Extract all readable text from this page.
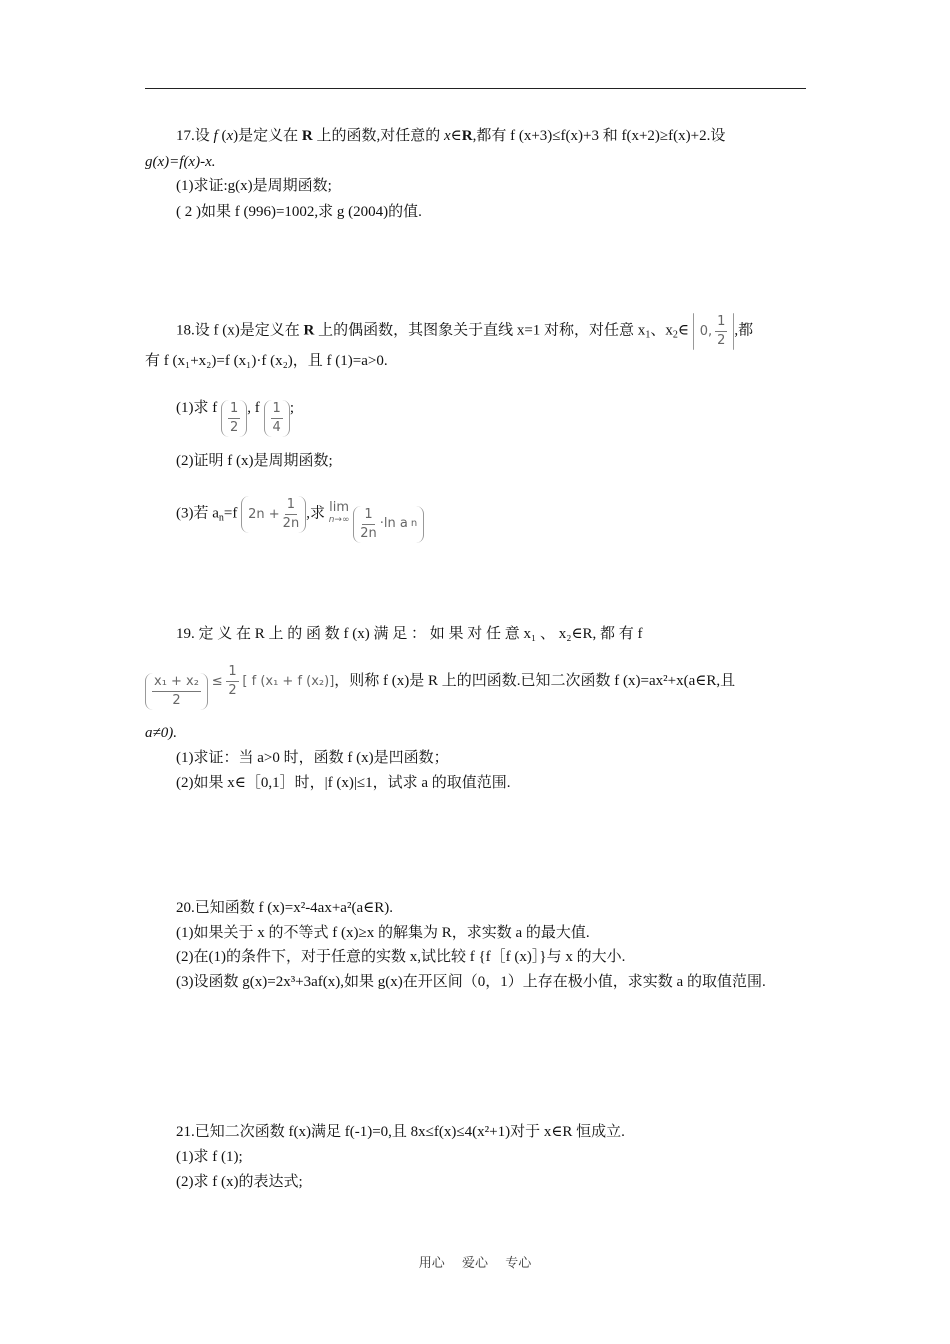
17.设 f (x)是定义在 R 上的函数,对任意的 x∈R,都有 f (x+3)≤f(x)+3 和 f(x+2)≥f(x)+2.设
g(x)=f(x)-x.
(1)求证:g(x)是周期函数;
( 2 )如果 f (996)=1002,求 g (2004)的值.
18.设 f (x)是定义在 R 上的偶函数，其图象关于直线 x=1 对称，对任意 $x_1$、$x_2\in$ 0, $\frac{1}{2}$ ,都
有 f (x₁+x₂)=f (x₁)·f (x₂)，且 f (1)=a>0.
(1)求 f $\frac{1}{2}$ , f $\frac{1}{4}$ ;
(2)证明 f (x)是周期函数;
(3)若 $a_n=f$ $2n + \frac{1}{2n}$ ,求 lim
n→∞
$\frac{1}{2n} \cdot\ln$ a n
19. 定 义 在 R 上 的 函 数 f (x) 满 足 ： 如 果 对 任 意 x₁ 、 x₂∈R, 都 有 f
$\frac{\text{x₁ + x₂}}{2} \le \frac{1}{2}$ [ f (x₁ + f (x₂)]，则称 f (x)是 R 上的凹函数.已知二次函数 f (x)=ax²+x(a∈R,且
a≠0).
(1)求证：当 a>0 时，函数 f (x)是凹函数；
(2)如果 x∈［0,1］时，|f (x)|≤1，试求 a 的取值范围.
20.已知函数 f (x)=x²-4ax+a²(a∈R).
(1)如果关于 x 的不等式 f (x)≥x 的解集为 R，求实数 a 的最大值.
(2)在(1)的条件下，对于任意的实数 x,试比较 f {f［f (x)］}与 x 的大小.
(3)设函数 g(x)=2x³+3af(x),如果 g(x)在开区间（0，1）上存在极小值，求实数 a 的取值范围.
21.已知二次函数 f(x)满足 f(-1)=0,且 8x≤f(x)≤4(x²+1)对于 x∈R 恒成立.
(1)求 f (1);
(2)求 f (x)的表达式;
用心 爱心 专心
